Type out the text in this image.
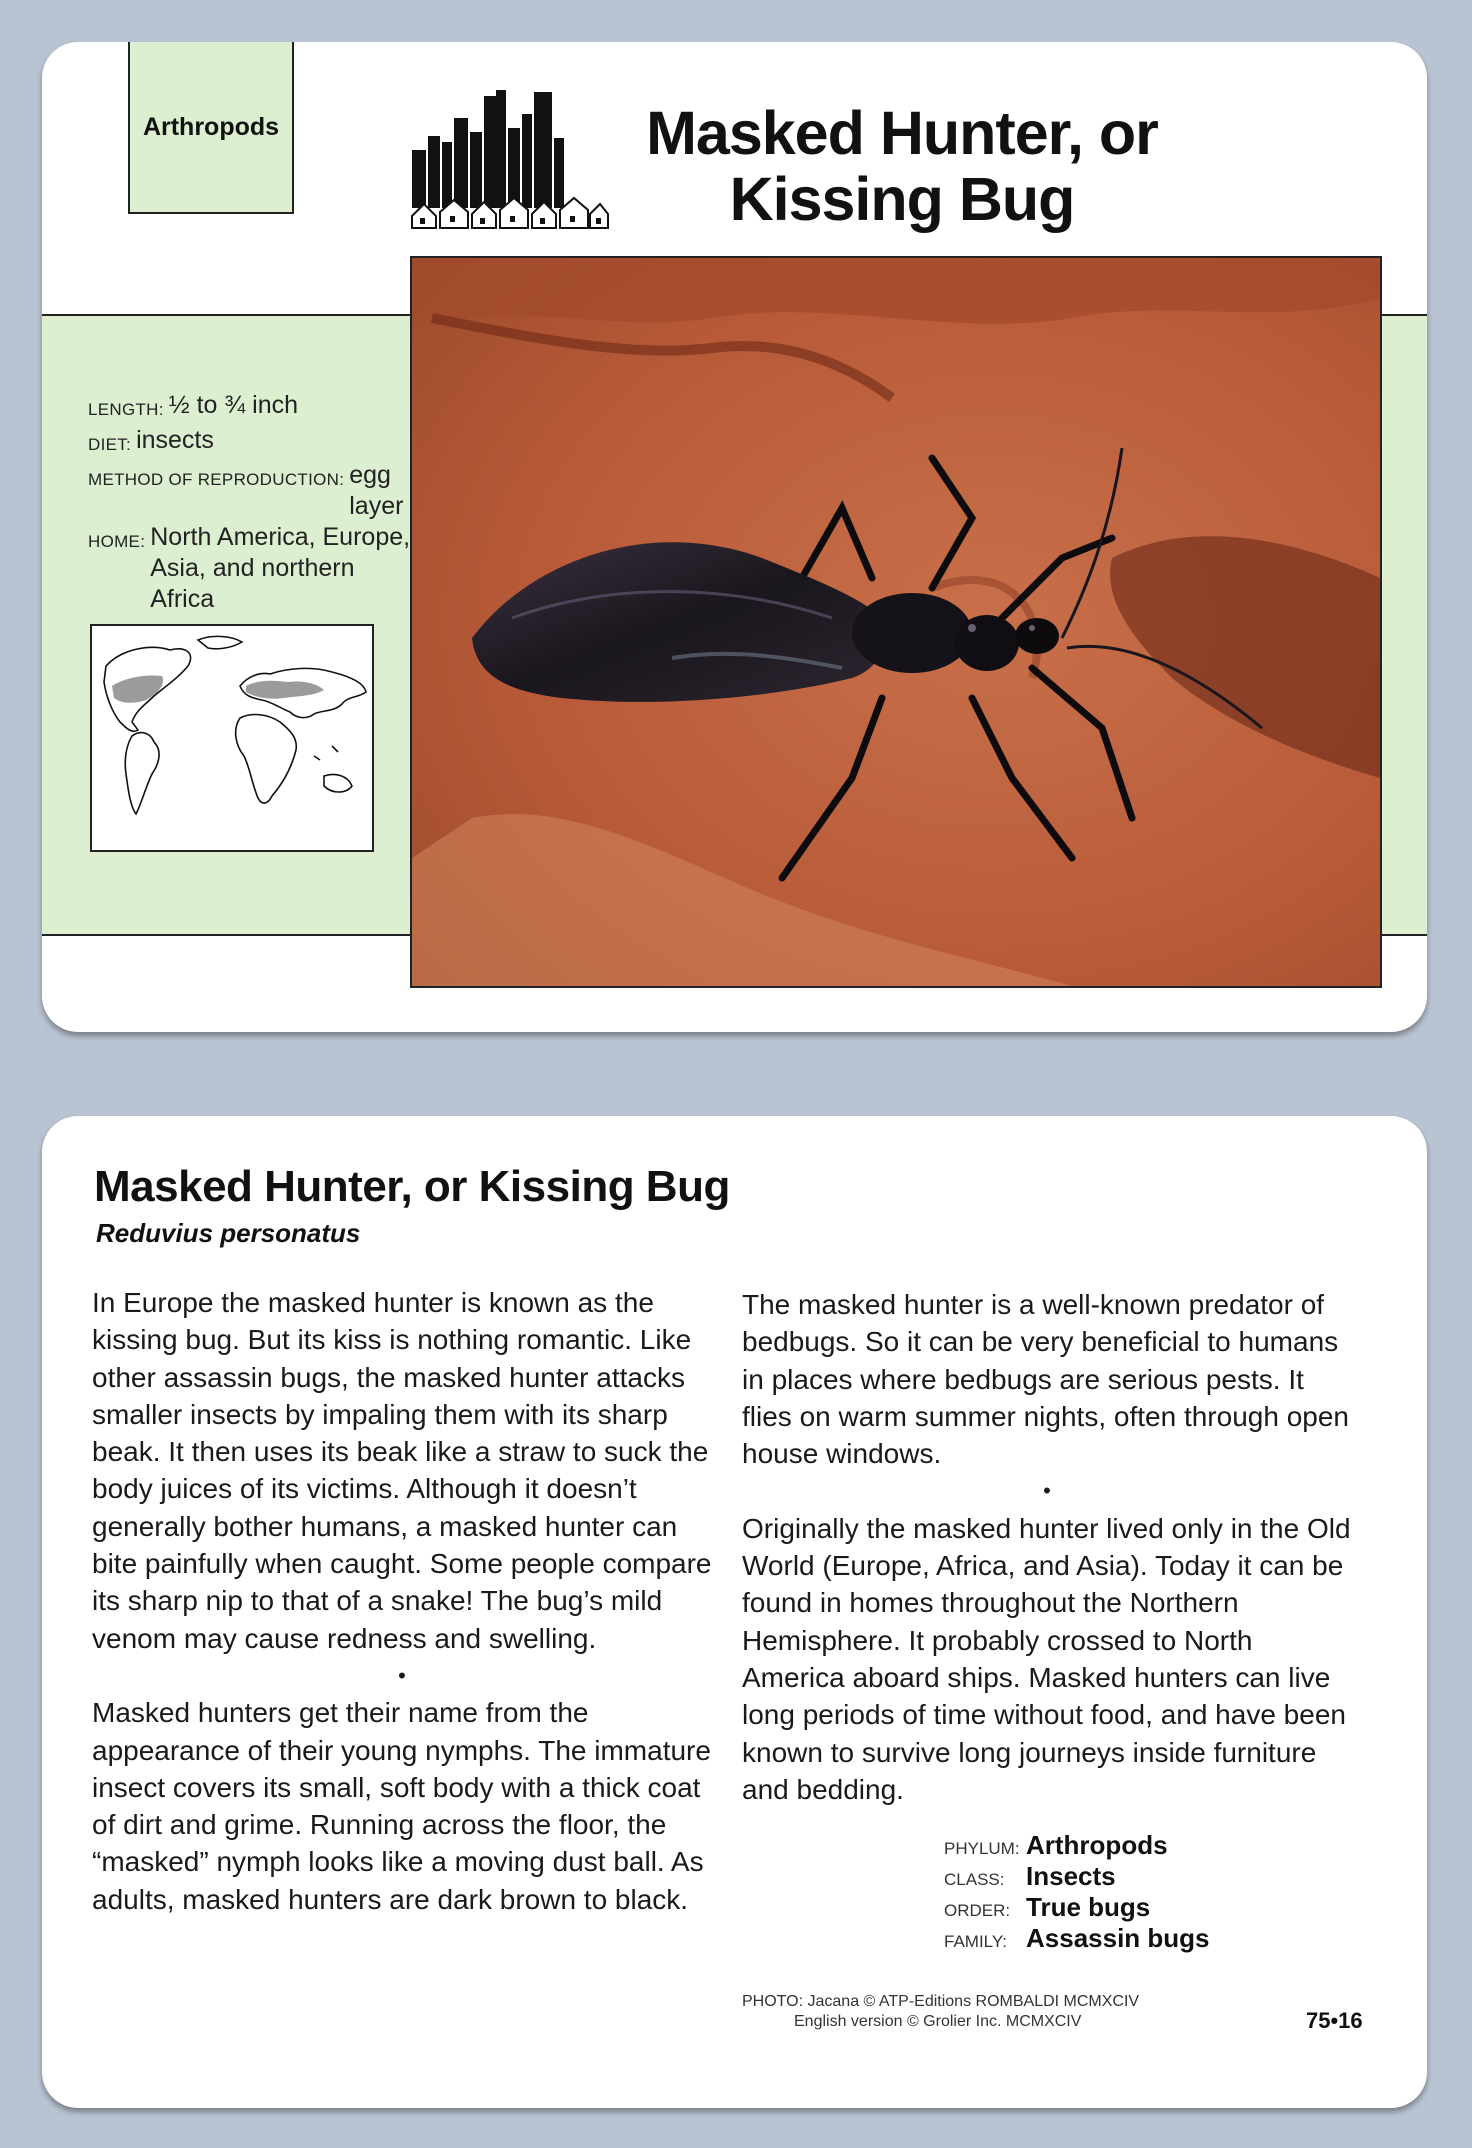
Arthropods	Masked Hunter, or
Kissing Bug
LENGTH: ½ to ¾ inch
DIET: insects
METHOD OF REPRODUCTION: egg layer
HOME: North America, Europe, Asia, and northern Africa
Masked Hunter, or Kissing Bug
Reduvius personatus

In Europe the masked hunter is known as the kissing bug. But its kiss is nothing romantic. Like other assassin bugs, the masked hunter attacks smaller insects by impaling them with its sharp beak. It then uses its beak like a straw to suck the body juices of its victims. Although it doesn’t generally bother humans, a masked hunter can bite painfully when caught. Some people compare its sharp nip to that of a snake! The bug’s mild venom may cause redness and swelling.

•

Masked hunters get their name from the appearance of their young nymphs. The immature insect covers its small, soft body with a thick coat of dirt and grime. Running across the floor, the “masked” nymph looks like a moving dust ball. As adults, masked hunters are dark brown to black.

The masked hunter is a well-known predator of bedbugs. So it can be very beneficial to humans in places where bedbugs are serious pests. It flies on warm summer nights, often through open house windows.

•

Originally the masked hunter lived only in the Old World (Europe, Africa, and Asia). Today it can be found in homes throughout the Northern Hemisphere. It probably crossed to North America aboard ships. Masked hunters can live long periods of time without food, and have been known to survive long journeys inside furniture and bedding.

PHYLUM: Arthropods
CLASS: Insects
ORDER: True bugs
FAMILY: Assassin bugs
PHOTO: Jacana © ATP-Editions ROMBALDI MCMXCIV
English version © Grolier Inc. MCMXCIV	75•16
